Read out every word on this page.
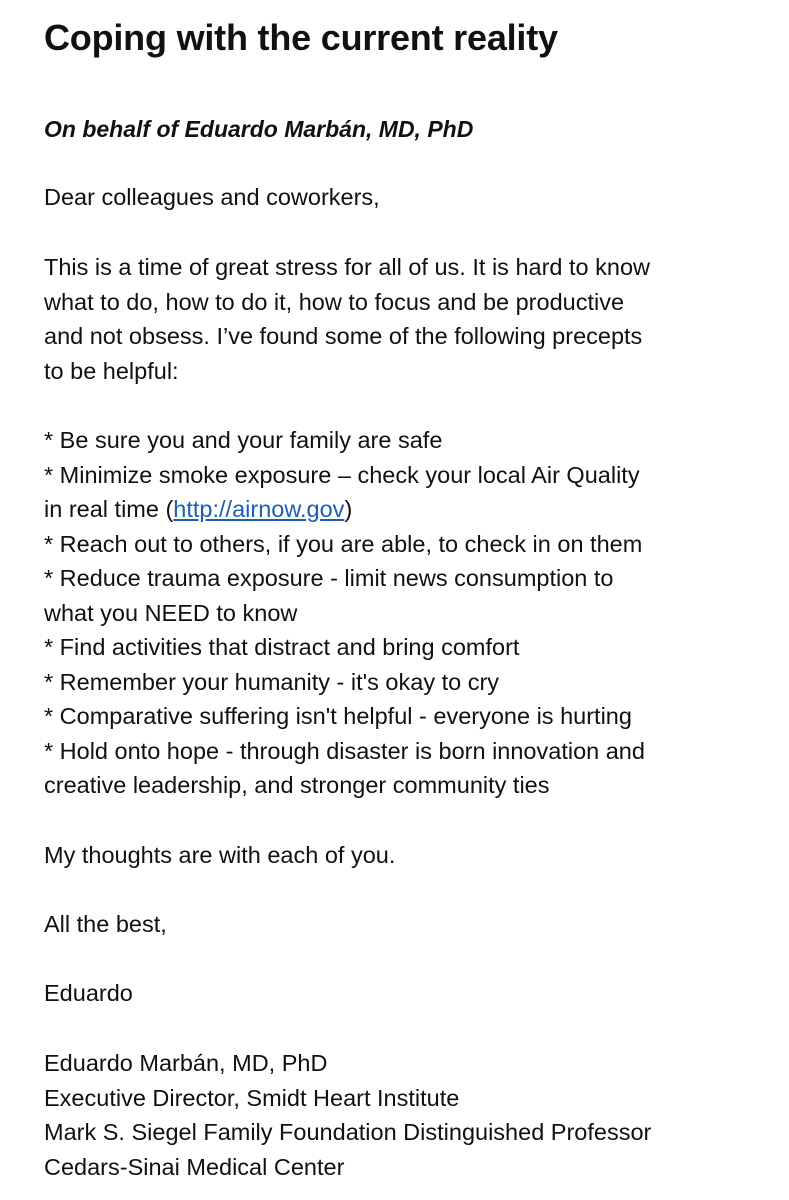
Coping with the current reality
On behalf of Eduardo Marbán, MD, PhD

Dear colleagues and coworkers,

This is a time of great stress for all of us. It is hard to know
what to do, how to do it, how to focus and be productive
and not obsess. I’ve found some of the following precepts
to be helpful:

* Be sure you and your family are safe
* Minimize smoke exposure – check your local Air Quality
in real time (http://airnow.gov)
* Reach out to others, if you are able, to check in on them
* Reduce trauma exposure - limit news consumption to
what you NEED to know
* Find activities that distract and bring comfort
* Remember your humanity - it's okay to cry
* Comparative suffering isn't helpful - everyone is hurting
* Hold onto hope - through disaster is born innovation and
creative leadership, and stronger community ties

My thoughts are with each of you.

All the best,

Eduardo

Eduardo Marbán, MD, PhD
Executive Director, Smidt Heart Institute
Mark S. Siegel Family Foundation Distinguished Professor
Cedars-Sinai Medical Center
